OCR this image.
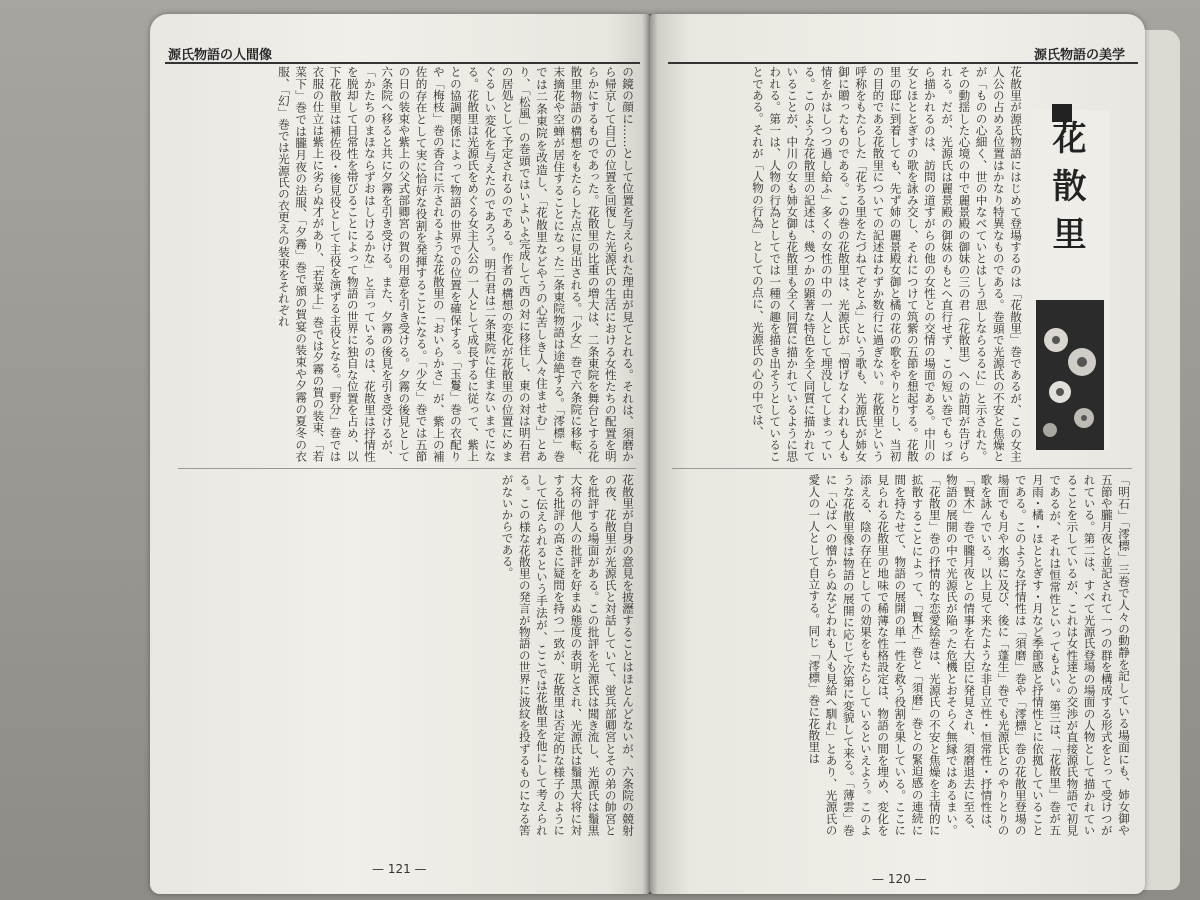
源氏物語の人間像
の鏡の顔に……として位置を与えられた理由が見てとれる。それは、須磨から帰京して自己の位置を回復した光源氏の生活における女性たちの配置を明らかにするものであった。花散里の比重の増大は、二条東院を舞台とする花散里物語の構想をもたらした点に見出される。「少女」巻で六条院に移転、末摘花や空蝉が居住することになった二条東院物語は途絶する。「澪標」巻では二条東院を改造し、「花散里などやうの心苦しき人々住ませむ」とあり、「松風」の巻頭ではいよいよ完成して西の対に移住し、東の対は明石君の居処として予定されるのである。作者の構想の変化が花散里の位置にめまぐるしい変化を与えたのであろう。明石君は二条東院に住まないまでになる。花散里は光源氏をめぐる女主人公の一人として成長するに従って、紫上との協調関係によって物語の世界での位置を確保する。「玉鬘」巻の衣配りや「梅枝」巻の香合に示されるような花散里の「おいらかさ」が、紫上の補佐的存在として実に恰好な役割を発揮することになる。「少女」巻では五節の日の装束や紫上の父式部卿宮の賀の用意を引き受ける。夕霧の後見として六条院へ移ると共に夕霧を引き受ける。また、夕霧の後見を引き受けるが、「かたちのまほならずおはしけるかな」と言っているのは、花散里は抒情性を脱却して日常性を帯びることによって物語の世界に独自な位置を占め、以下花散里は補佐役・後見役として主役を演ずる主役となる。「野分」巻では衣服の仕立は紫上に劣らぬ才があり、「若菜上」巻では夕霧の賀の装束、「若菜下」巻では朧月夜の法服、「夕霧」巻で頒の賀宴の装束や夕霧の夏冬の衣服、「幻」巻では光源氏の衣更えの装束をそれぞれ
花散里が自身の意見を披瀝することはほとんどないが、六条院の競射の夜、花散里が光源氏と対話していて、蛍兵部卿宮とその弟の帥宮とを批評する場面がある。この批評を光源氏は聞き流し、光源氏は鬚黒大将の他人の批評を好まぬ態度の表明とされ、光源氏は鬚黒大将に対する批評の高さに疑問を持つ一致が、花散里は否定的な様子のようにして伝えられるという手法が、ここでは花散里を他にして考えられる。この様な花散里の発言が物語の世界に波紋を投ずるものになる筈がないからである。
— 121 —
源氏物語の美学
花散里が源氏物語にはじめて登場するのは「花散里」巻であるが、この女主人公の占める位置はかなり特異なものである。巻頭で光源氏の不安と焦燥とが「ものの心細く、世の中なべていとはしう思しならるるに」と示された。その動揺した心境の中で麗景殿の御妹の三の君（花散里）への訪問が告げられる。だが、光源氏は麗景殿の御妹のもとへ直行せず、この短い巻でもっぱら描かれるのは、訪問の道すがらの他の女性との交情の場面である。中川の女とほととぎすの歌を詠み交し、それにつけて筑紫の五節を想起する。花散里の邸に到着しても、先ず姉の麗景殿女御と橘の花の歌をやりとりし、当初の目的である花散里についての記述はわずか数行に過ぎない。花散里という呼称をもたらした「花ちる里をたづねてぞとふ」という歌も、光源氏が姉女御に贈ったものである。この巻の花散里は、光源氏が「憎げなくわれも人も情をかはしつつ過し給ふ」多くの女性の中の一人として埋没してしまっている。このような花散里の記述は、幾つかの顕著な特色を全く同質に描かれていることが、中川の女も姉女御も花散里も全く同質に描かれているように思われる。第一は、人物の行為としてでは一種の趣を描き出そうとしていることである。それが「人物の行為」としての点に、光源氏の心の中では、	花散里
「明石」「澪標」三巻で人々の動静を記している場面にも、姉女御や五節や朧月夜と並記されて一つの群を構成する形式をとって受けつがれている。第二は、すべて光源氏登場の場面の人物として描かれていることを示しているが、これは女性達との交渉が直接源氏物語で初見であるが、それは恒常性といってもよい。第三は、「花散里」巻が五月雨・橘・ほととぎす・月など季節感と抒情性とに依拠していることである。このような抒情性は「須磨」巻や「澪標」巻の花散里登場の場面でも月や水鶏に及び、後に「蓬生」巻でも光源氏とのやりとりの歌を詠んでいる。以上見て来たような非自立性・恒常性・抒情性は、「賢木」巻で朧月夜との情事を右大臣に発見され、須磨退去に至る、物語の展開の中で光源氏が陥った危機とおそらく無縁ではあるまい。「花散里」巻の抒情的な恋愛絵巻は、光源氏の不安と焦燥を主情的に拡散することによって、「賢木」巻と「須磨」巻との緊迫感の連続に間を持たせて、物語の展開の単一性を救う役割を果している。ここに見られる花散里の地味で稀薄な性格設定は、物語の間を埋め、変化を添える、陰の存在としての効果をもたらしているといえよう。このような花散里像は物語の展開に応じて次第に変貌して来る。「薄雲」巻に「心ばへの憎からぬなどわれも人も見給へ馴れ」とあり、光源氏の愛人の一人として自立する。同じ「澪標」巻に花散里は
— 120 —
